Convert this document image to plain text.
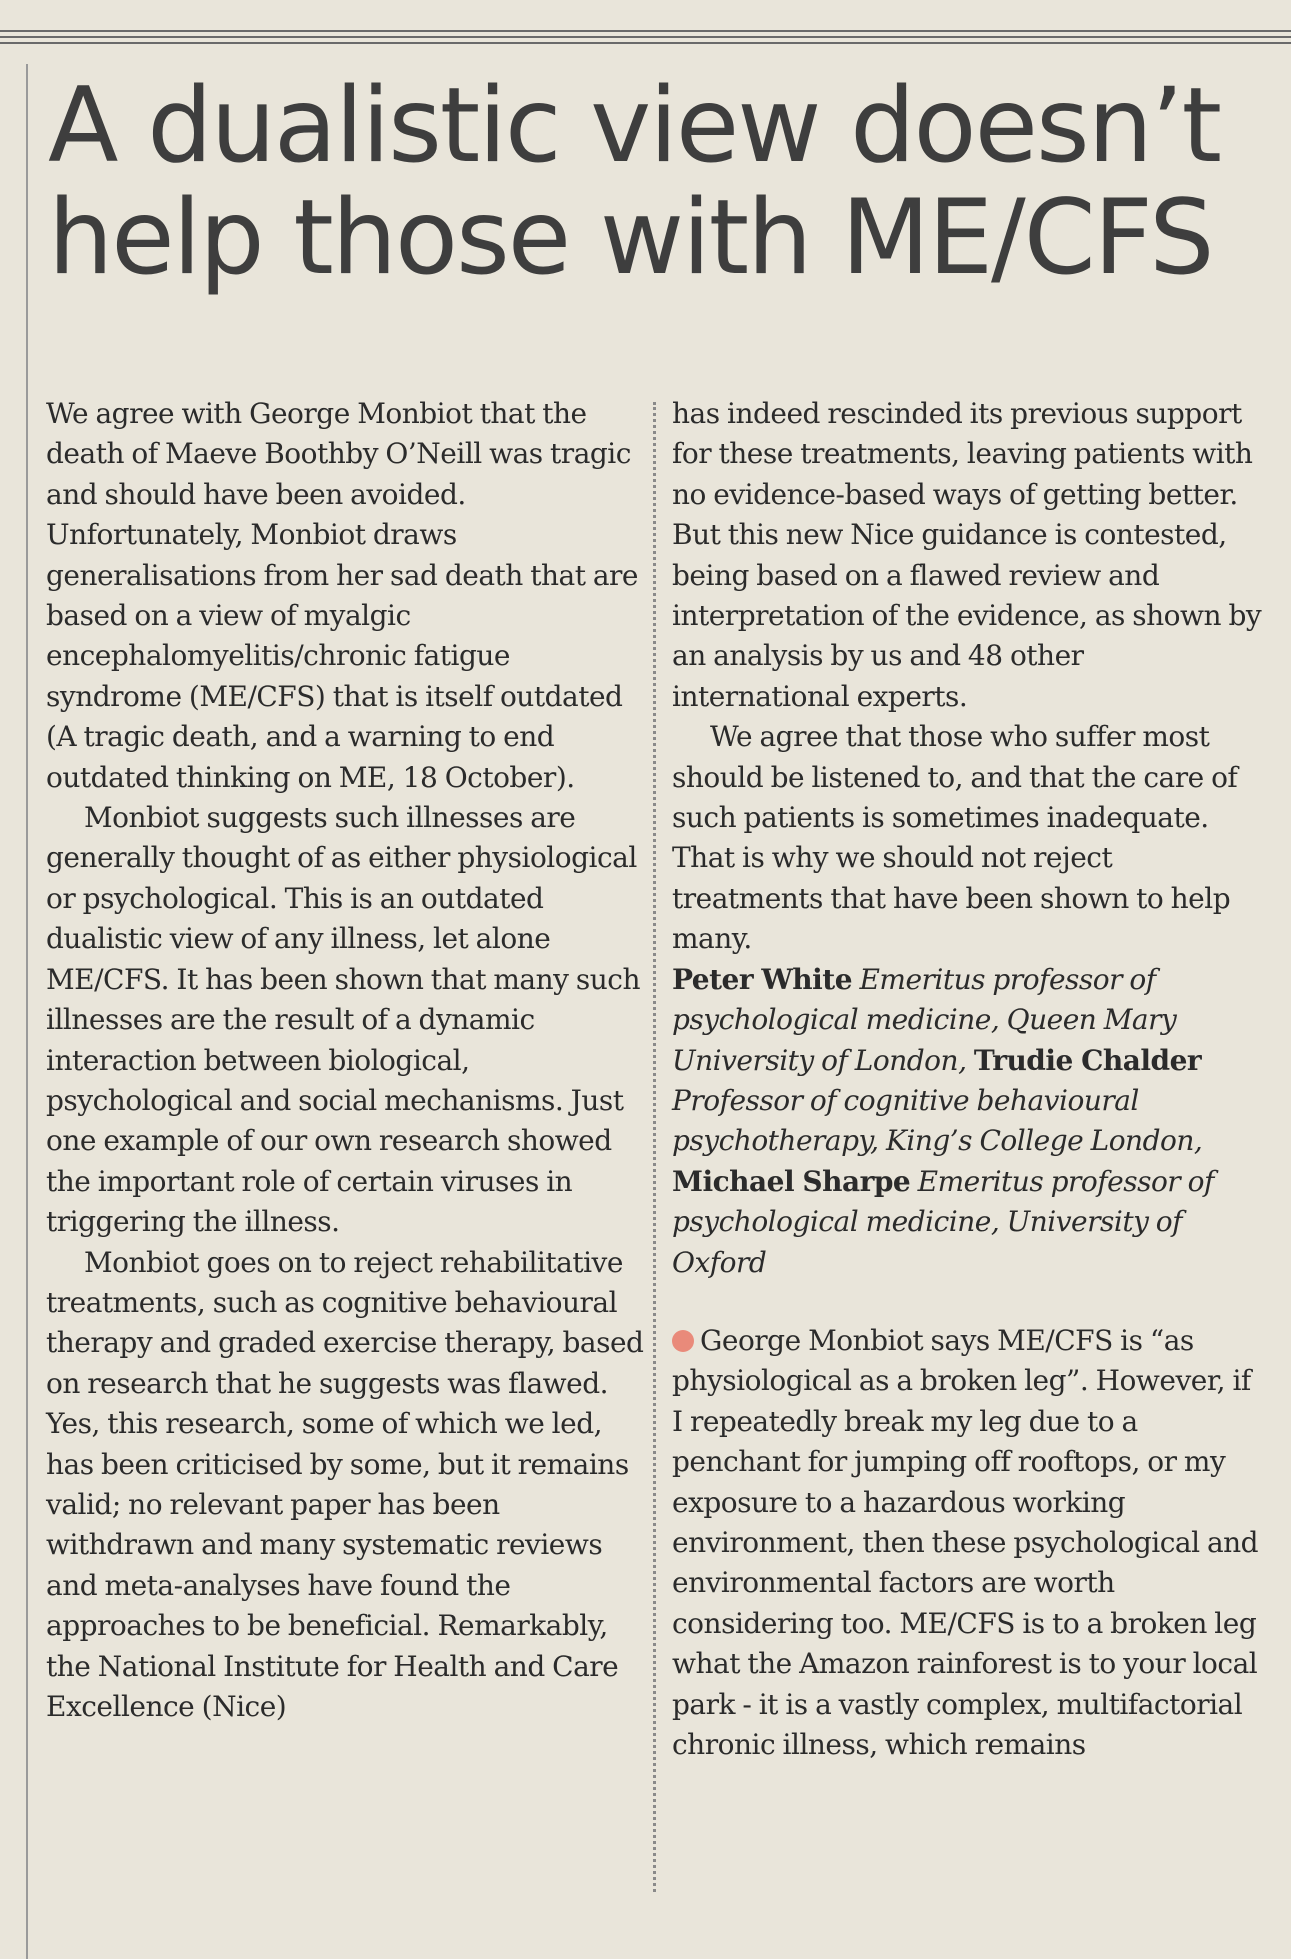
A dualistic view doesn’t
help those with ME/CFS

We agree with George Monbiot that the death of Maeve Boothby O’Neill was tragic and should have been avoided. Unfortunately, Monbiot draws generalisations from her sad death that are based on a view of myalgic encephalomyelitis/chronic fatigue syndrome (ME/CFS) that is itself outdated (A tragic death, and a warning to end outdated thinking on ME, 18 October).

Monbiot suggests such illnesses are generally thought of as either physiological or psychological. This is an outdated dualistic view of any illness, let alone ME/CFS. It has been shown that many such illnesses are the result of a dynamic interaction between biological, psychological and social mechanisms. Just one example of our own research showed the important role of certain viruses in triggering the illness.

Monbiot goes on to reject rehabilitative treatments, such as cognitive behavioural therapy and graded exercise therapy, based on research that he suggests was flawed. Yes, this research, some of which we led, has been criticised by some, but it remains valid; no relevant paper has been withdrawn and many systematic reviews and meta-analyses have found the approaches to be beneficial. Remarkably, the National Institute for Health and Care Excellence (Nice)

has indeed rescinded its previous support for these treatments, leaving patients with no evidence-based ways of getting better. But this new Nice guidance is contested, being based on a flawed review and interpretation of the evidence, as shown by an analysis by us and 48 other international experts.

We agree that those who suffer most should be listened to, and that the care of such patients is sometimes inadequate. That is why we should not reject treatments that have been shown to help many.

Peter White Emeritus professor of psychological medicine, Queen Mary University of London, Trudie Chalder Professor of cognitive behavioural psychotherapy, King’s College London, Michael Sharpe Emeritus professor of psychological medicine, University of Oxford

George Monbiot says ME/CFS is “as physiological as a broken leg”. However, if I repeatedly break my leg due to a penchant for jumping off rooftops, or my exposure to a hazardous working environment, then these psychological and environmental factors are worth considering too. ME/CFS is to a broken leg what the Amazon rainforest is to your local park - it is a vastly complex, multifactorial chronic illness, which remains
